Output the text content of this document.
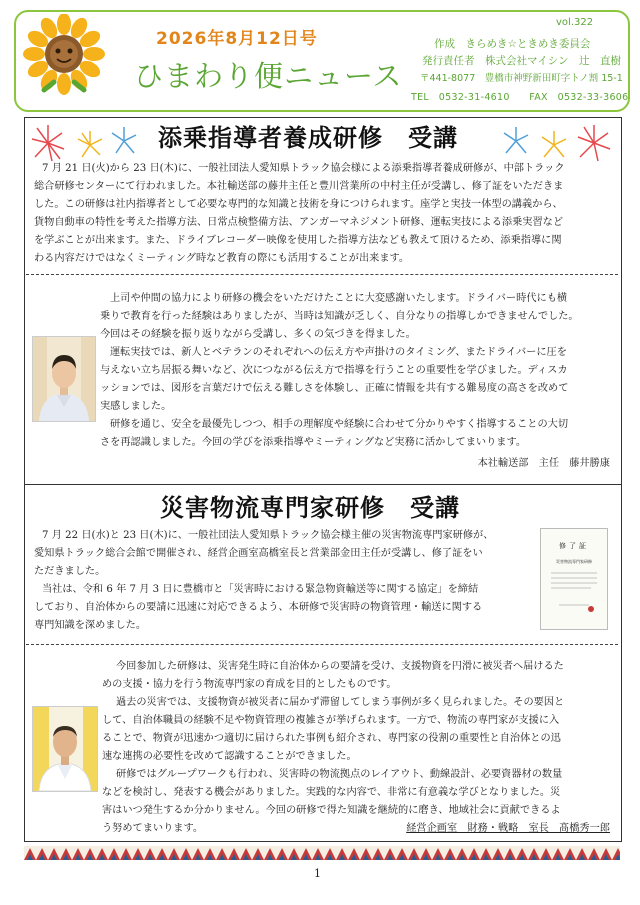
2026年8月12日号
ひまわり便ニュース
vol.322
作成　きらめき☆ときめき委員会
発行責任者　株式会社マイシン　辻　直樹
〒441-8077　豊橋市神野新田町字トノ割 15-1
TEL　0532-31-4610　　FAX　0532-33-3606
添乗指導者養成研修　受講
7 月 21 日(火)から 23 日(木)に、一般社団法人愛知県トラック協会様による添乗指導者養成研修が、中部トラック
総合研修センターにて行われました。本社輸送部の藤井主任と豊川営業所の中村主任が受講し、修了証をいただきま
した。この研修は社内指導者として必要な専門的な知識と技術を身につけられます。座学と実技一体型の講義から、
貨物自動車の特性を考えた指導方法、日常点検整備方法、アンガーマネジメント研修、運転実技による添乗実習など
を学ぶことが出来ます。また、ドライブレコーダー映像を使用した指導方法なども教えて頂けるため、添乗指導に関
わる内容だけではなくミーティング時など教育の際にも活用することが出来ます。
上司や仲間の協力により研修の機会をいただけたことに大変感謝いたします。ドライバー時代にも横
乗りで教育を行った経験はありましたが、当時は知識が乏しく、自分なりの指導しかできませんでした。
今回はその経験を振り返りながら受講し、多くの気づきを得ました。
運転実技では、新人とベテランのそれぞれへの伝え方や声掛けのタイミング、またドライバーに圧を
与えない立ち居振る舞いなど、次につながる伝え方で指導を行うことの重要性を学びました。ディスカ
ッションでは、図形を言葉だけで伝える難しさを体験し、正確に情報を共有する難易度の高さを改めて
実感しました。
研修を通じ、安全を最優先しつつ、相手の理解度や経験に合わせて分かりやすく指導することの大切
さを再認識しました。今回の学びを添乗指導やミーティングなど実務に活かしてまいります。
本社輸送部　主任　藤井勝康
災害物流専門家研修　受講
7 月 22 日(水)と 23 日(木)に、一般社団法人愛知県トラック協会様主催の災害物流専門家研修が、
愛知県トラック総合会館で開催され、経営企画室高橋室長と営業部金田主任が受講し、修了証をい
ただきました。
当社は、令和 6 年 7 月 3 日に豊橋市と「災害時における緊急物資輸送等に関する協定」を締結
しており、自治体からの要請に迅速に対応できるよう、本研修で災害時の物資管理・輸送に関する
専門知識を深めました。
修了証
災害物流専門家研修
今回参加した研修は、災害発生時に自治体からの要請を受け、支援物資を円滑に被災者へ届けるた
めの支援・協力を行う物流専門家の育成を目的としたものです。
過去の災害では、支援物資が被災者に届かず滞留してしまう事例が多く見られました。その要因と
して、自治体職員の経験不足や物資管理の複雑さが挙げられます。一方で、物流の専門家が支援に入
ることで、物資が迅速かつ適切に届けられた事例も紹介され、専門家の役割の重要性と自治体との迅
速な連携の必要性を改めて認識することができました。
研修ではグループワークも行われ、災害時の物流拠点のレイアウト、動線設計、必要資器材の数量
などを検討し、発表する機会がありました。実践的な内容で、非常に有意義な学びとなりました。災
害はいつ発生するか分かりません。今回の研修で得た知識を継続的に磨き、地域社会に貢献できるよ
う努めてまいります。	経営企画室　財務・戦略　室長　髙橋秀一郎
1
